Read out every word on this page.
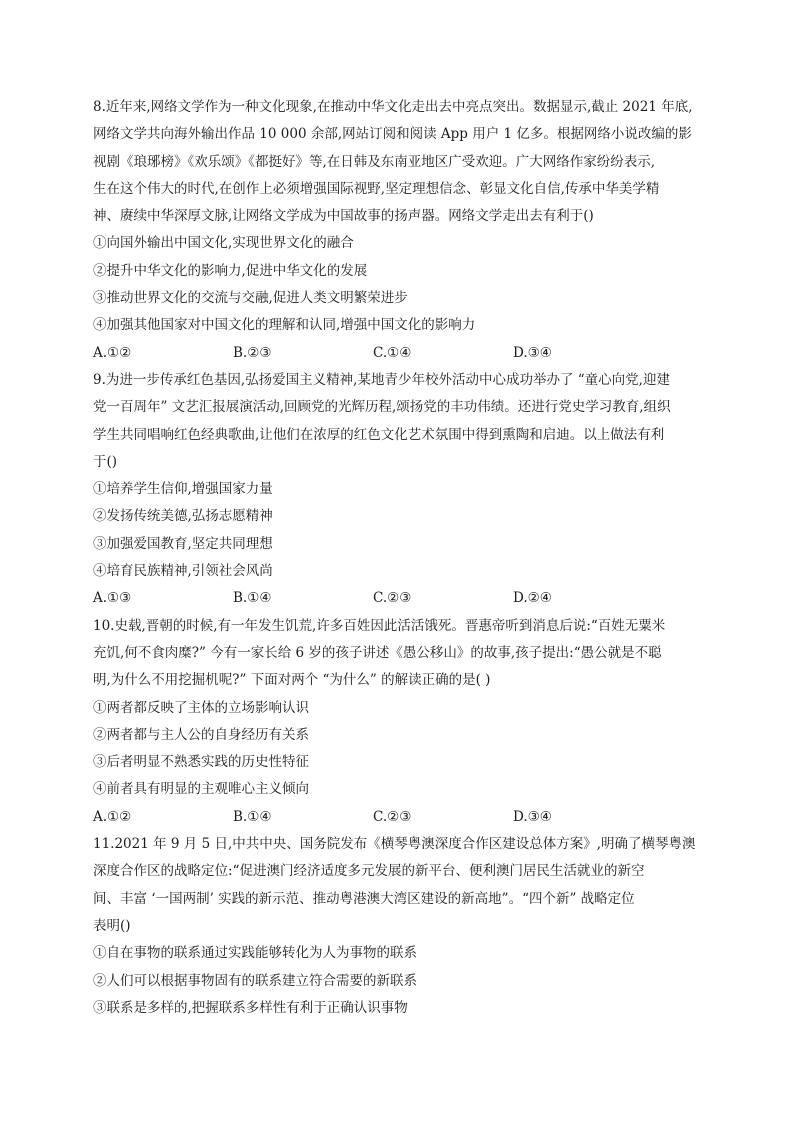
8.近年来,网络文学作为一种文化现象,在推动中华文化走出去中亮点突出。数据显示,截止 2021 年底,
网络文学共向海外输出作品 10 000 余部,网站订阅和阅读 App 用户 1 亿多。根据网络小说改编的影
视剧《琅琊榜》《欢乐颂》《都挺好》等,在日韩及东南亚地区广受欢迎。广大网络作家纷纷表示,
生在这个伟大的时代,在创作上必须增强国际视野,坚定理想信念、彰显文化自信,传承中华美学精
神、赓续中华深厚文脉,让网络文学成为中国故事的扬声器。网络文学走出去有利于()
①向国外输出中国文化,实现世界文化的融合
②提升中华文化的影响力,促进中华文化的发展
③推动世界文化的交流与交融,促进人类文明繁荣进步
④加强其他国家对中国文化的理解和认同,增强中国文化的影响力
A.①②	B.②③	C.①④	D.③④
9.为进一步传承红色基因,弘扬爱国主义精神,某地青少年校外活动中心成功举办了 “童心向党,迎建
党一百周年” 文艺汇报展演活动,回顾党的光辉历程,颂扬党的丰功伟绩。还进行党史学习教育,组织
学生共同唱响红色经典歌曲,让他们在浓厚的红色文化艺术氛围中得到熏陶和启迪。以上做法有利
于()
①培养学生信仰,增强国家力量
②发扬传统美德,弘扬志愿精神
③加强爱国教育,坚定共同理想
④培育民族精神,引领社会风尚
A.①③	B.①④	C.②③	D.②④
10.史载,晋朝的时候,有一年发生饥荒,许多百姓因此活活饿死。晋惠帝听到消息后说:“百姓无粟米
充饥,何不食肉糜?” 今有一家长给 6 岁的孩子讲述《愚公移山》的故事,孩子提出:“愚公就是不聪
明,为什么不用挖掘机呢?” 下面对两个 “为什么” 的解读正确的是( )
①两者都反映了主体的立场影响认识
②两者都与主人公的自身经历有关系
③后者明显不熟悉实践的历史性特征
④前者具有明显的主观唯心主义倾向
A.①②	B.①④	C.②③	D.③④
11.2021 年 9 月 5 日,中共中央、国务院发布《横琴粤澳深度合作区建设总体方案》,明确了横琴粤澳
深度合作区的战略定位:“促进澳门经济适度多元发展的新平台、便利澳门居民生活就业的新空
间、丰富 ‘一国两制’ 实践的新示范、推动粤港澳大湾区建设的新高地”。“四个新” 战略定位
表明()
①自在事物的联系通过实践能够转化为人为事物的联系
②人们可以根据事物固有的联系建立符合需要的新联系
③联系是多样的,把握联系多样性有利于正确认识事物
